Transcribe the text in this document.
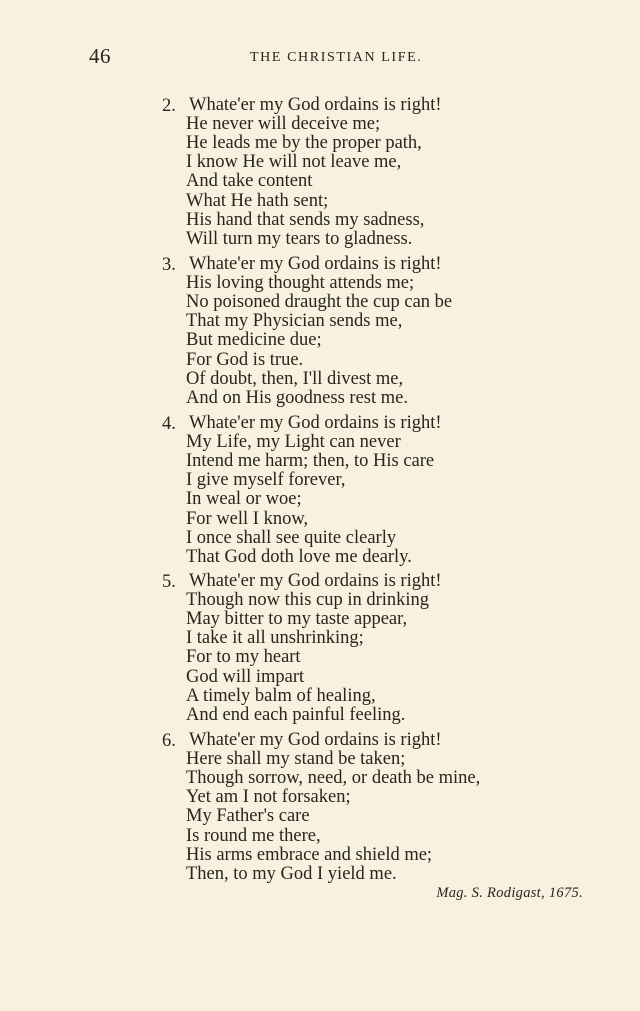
46	THE CHRISTIAN LIFE.
2. Whate'er my God ordains is right!
He never will deceive me;
He leads me by the proper path,
I know He will not leave me,
And take content
What He hath sent;
His hand that sends my sadness,
Will turn my tears to gladness.
3. Whate'er my God ordains is right!
His loving thought attends me;
No poisoned draught the cup can be
That my Physician sends me,
But medicine due;
For God is true.
Of doubt, then, I'll divest me,
And on His goodness rest me.
4. Whate'er my God ordains is right!
My Life, my Light can never
Intend me harm; then, to His care
I give myself forever,
In weal or woe;
For well I know,
I once shall see quite clearly
That God doth love me dearly.
5. Whate'er my God ordains is right!
Though now this cup in drinking
May bitter to my taste appear,
I take it all unshrinking;
For to my heart
God will impart
A timely balm of healing,
And end each painful feeling.
6. Whate'er my God ordains is right!
Here shall my stand be taken;
Though sorrow, need, or death be mine,
Yet am I not forsaken;
My Father's care
Is round me there,
His arms embrace and shield me;
Then, to my God I yield me.
Mag. S. Rodigast, 1675.
